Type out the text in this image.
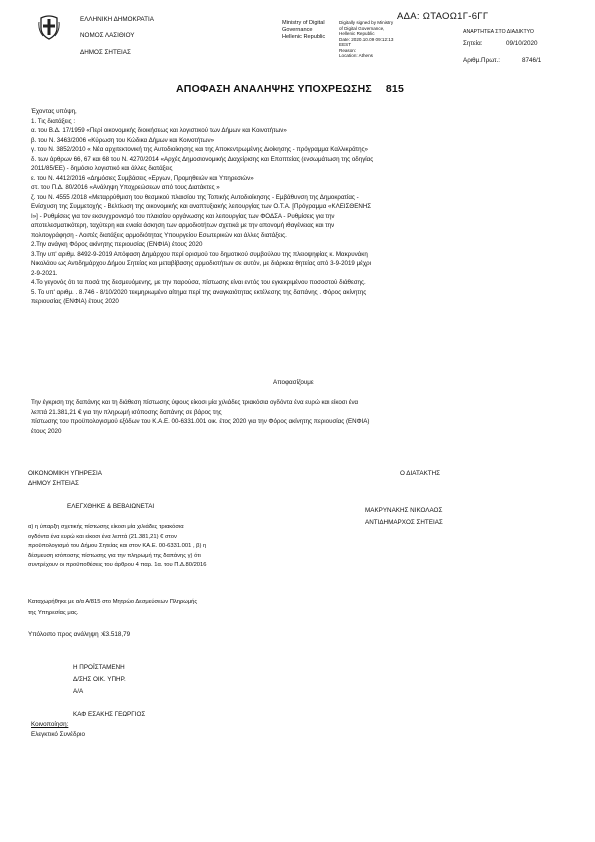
ΕΛΛΗΝΙΚΗ ΔΗΜΟΚΡΑΤΙΑ
ΝΟΜΟΣ ΛΑΣΙΘΙΟΥ
ΔΗΜΟΣ ΣΗΤΕΙΑΣ
Ministry of Digital
Governance
Hellenic Republic
Digitally signed by Ministry
of Digital Governance,
Hellenic Republic
Date: 2020.10.09 09:12:13
EEST
Reason:
Location: Athens
ΑΔΑ: ΩΤΑΟΩ1Γ-6ΓΓ
ΑΝΑΡΤΗΤΕΑ ΣΤΟ ΔΙΑΔΙΚΤΥΟ
Σητεία:	09/10/2020
Αριθμ.Πρωτ.:	8746/1
ΑΠΟΦΑΣΗ ΑΝΑΛΗΨΗΣ ΥΠΟΧΡΕΩΣΗΣ 815
Έχοντας υπόψη,
1. Τις διατάξεις :
α. του Β.Δ. 17/1959 «Περί οικονομικής διοικήσεως και λογιστικού των Δήμων και Κοινοτήτων»
β. του Ν. 3463/2006 «Κύρωση του Κώδικα Δήμων και Κοινοτήτων»
γ. του Ν. 3852/2010 « Νέα αρχιτεκτονική της Αυτοδιοίκησης και της Αποκεντρωμένης Διοίκησης - πρόγραμμα Καλλικράτης»
δ. των άρθρων 66, 67 και 68 του Ν. 4270/2014 «Αρχές Δημοσιονομικής Διαχείρισης και Εποπτείας (ενσωμάτωση της οδηγίας
2011/85/ΕΕ) - δημόσιο λογιστικό και άλλες διατάξεις
ε. του Ν. 4412/2016 «Δημόσιες Συμβάσεις «Εργων, Προμηθειών και Υπηρεσιών»
στ. του Π.Δ. 80/2016 «Ανάληψη Υποχρεώσεων από τους Διατάκτες »
ζ. του Ν. 4555 /2018 «Μεταρρύθμιση του θεσμικού πλαισίου της Τοπικής Αυτοδιοίκησης - Εμβάθυνση της Δημοκρατίας -
Ενίσχυση της Συμμετοχής - Βελτίωση της οικονομικής και αναπτυξιακής λειτουργίας των Ο.Τ.Α. [Πρόγραμμα «ΚΛΕΙΣΘΕΝΗΣ
Ι»] - Ρυθμίσεις για τον εκσυγχρονισμό του πλαισίου οργάνωσης και λειτουργίας των ΦΟΔΣΑ - Ρυθμίσεις για την
αποτελεσματικότερη, ταχύτερη και ενιαία άσκηση των αρμοδιοτήτων σχετικά με την απονομή ιθαγένειας και την
πολιτογράφηση - Λοιπές διατάξεις αρμοδιότητας Υπουργείου Εσωτερικών και άλλες διατάξεις.
2.Την ανάγκη Φόρος ακίνητης περιουσίας (ΕΝΦΙΑ) έτους 2020
3.Την υπ' αριθμ. 8492-9-2019 Απόφαση Δημάρχου περί ορισμού του δημοτικού συμβούλου της πλειοψηφίας κ. Μακρυνάκη
Νικολάου ως Αντιδημάρχου Δήμου Σητείας και μεταβίβασης αρμοδιοτήτων σε αυτόν, με διάρκεια θητείας από 3-9-2019 μέχρι
2-9-2021.
4.Το γεγονός ότι τα ποσά της δεσμευόμενης, με την παρούσα, πίστωσης είναι εντός του εγκεκριμένου ποσοστού διάθεσης.
5. Το υπ' αριθμ. . 8.746 - 8/10/2020 τεκμηριωμένο αίτημα περί της αναγκαιότητας εκτέλεσης της δαπάνης . Φόρος ακίνητης
περιουσίας (ΕΝΦΙΑ) έτους 2020
Αποφασίζουμε
Την έγκριση της δαπάνης και τη διάθεση πίστωσης ύψους είκοσι μία χιλιάδες τριακόσια ογδόντα ένα ευρώ και είκοσι ένα
λεπτά 21.381,21 € για την πληρωμή ισόποσης δαπάνης σε βάρος της
πίστωσης του προϋπολογισμού εξόδων του Κ.Α.Ε. 00-6331.001 οικ. έτος 2020 για την Φόρος ακίνητης περιουσίας (ΕΝΦΙΑ)
έτους 2020
ΟΙΚΟΝΟΜΙΚΗ ΥΠΗΡΕΣΙΑ
ΔΗΜΟΥ ΣΗΤΕΙΑΣ
ΕΛΕΓΧΘΗΚΕ & ΒΕΒΑΙΩΝΕΤΑΙ
α) η ύπαρξη σχετικής πίστωσης είκοσι μία χιλιάδες τριακόσια
ογδόντα ένα ευρώ και είκοσι ένα λεπτά (21.381,21) € στον
προϋπολογισμό του Δήμου Σητείας και στον ΚΑ.Ε. 00-6331.001 , β) η
δέσμευση ισόποσης πίστωσης για την πληρωμή της δαπάνης γ) ότι
συντρέχουν οι προϋποθέσεις του άρθρου 4 παρ. 1α. του Π.Δ.80/2016
Καταχωρήθηκε με α/α Α/815 στο Μητρώο Δεσμεύσεων Πληρωμής
της Υπηρεσίας μας.
Υπόλοιπο προς ανάληψη :€3.518,79
Η ΠΡΟΪΣΤΑΜΕΝΗ
Δ/ΣΗΣ ΟΙΚ. ΥΠΗΡ.
Α/Α
ΚΑΦ ΕΣΑΚΗΣ ΓΕΩΡΓΙΟΣ
Κοινοποίηση:
Ελεγκτικό Συνέδριο
Ο ΔΙΑΤΑΚΤΗΣ
ΜΑΚΡΥΝΑΚΗΣ ΝΙΚΟΛΑΟΣ
ΑΝΤΙΔΗΜΑΡΧΟΣ ΣΗΤΕΙΑΣ
